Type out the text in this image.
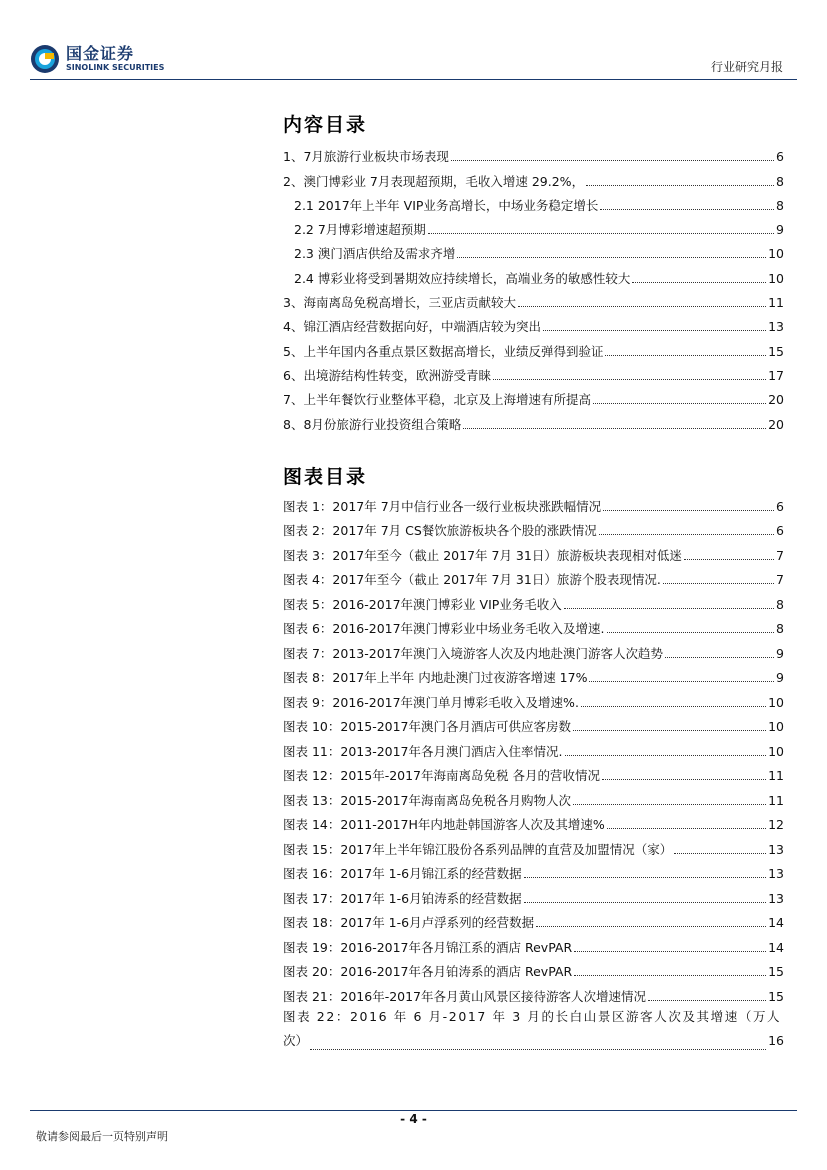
国金证券
SINOLINK SECURITIES	行业研究月报
内容目录
1、7月旅游行业板块市场表现	6
2、澳门博彩业 7月表现超预期，毛收入增速 29.2%，	8
2.1 2017年上半年 VIP业务高增长，中场业务稳定增长	8
2.2 7月博彩增速超预期	9
2.3 澳门酒店供给及需求齐增	10
2.4 博彩业将受到暑期效应持续增长，高端业务的敏感性较大	10
3、海南离岛免税高增长，三亚店贡献较大	11
4、锦江酒店经营数据向好，中端酒店较为突出	13
5、上半年国内各重点景区数据高增长，业绩反弹得到验证	15
6、出境游结构性转变，欧洲游受青睐	17
7、上半年餐饮行业整体平稳，北京及上海增速有所提高	20
8、8月份旅游行业投资组合策略	20
图表目录
图表 1：2017年 7月中信行业各一级行业板块涨跌幅情况	6
图表 2：2017年 7月 CS餐饮旅游板块各个股的涨跌情况	6
图表 3：2017年至今（截止 2017年 7月 31日）旅游板块表现相对低迷	7
图表 4：2017年至今（截止 2017年 7月 31日）旅游个股表现情况.	7
图表 5：2016-2017年澳门博彩业 VIP业务毛收入	8
图表 6：2016-2017年澳门博彩业中场业务毛收入及增速.	8
图表 7：2013-2017年澳门入境游客人次及内地赴澳门游客人次趋势	9
图表 8：2017年上半年 内地赴澳门过夜游客增速 17%	9
图表 9：2016-2017年澳门单月博彩毛收入及增速%.	10
图表 10：2015-2017年澳门各月酒店可供应客房数	10
图表 11：2013-2017年各月澳门酒店入住率情况.	10
图表 12：2015年-2017年海南离岛免税 各月的营收情况	11
图表 13：2015-2017年海南离岛免税各月购物人次	11
图表 14：2011-2017H年内地赴韩国游客人次及其增速%	12
图表 15：2017年上半年锦江股份各系列品牌的直营及加盟情况（家）	13
图表 16：2017年 1-6月锦江系的经营数据	13
图表 17：2017年 1-6月铂涛系的经营数据	13
图表 18：2017年 1-6月卢浮系列的经营数据	14
图表 19：2016-2017年各月锦江系的酒店 RevPAR	14
图表 20：2016-2017年各月铂涛系的酒店 RevPAR	15
图表 21：2016年-2017年各月黄山风景区接待游客人次增速情况	15
图表 22：2016 年 6 月-2017 年 3 月的长白山景区游客人次及其增速（万人
次）	16
- 4 -
敬请参阅最后一页特别声明
